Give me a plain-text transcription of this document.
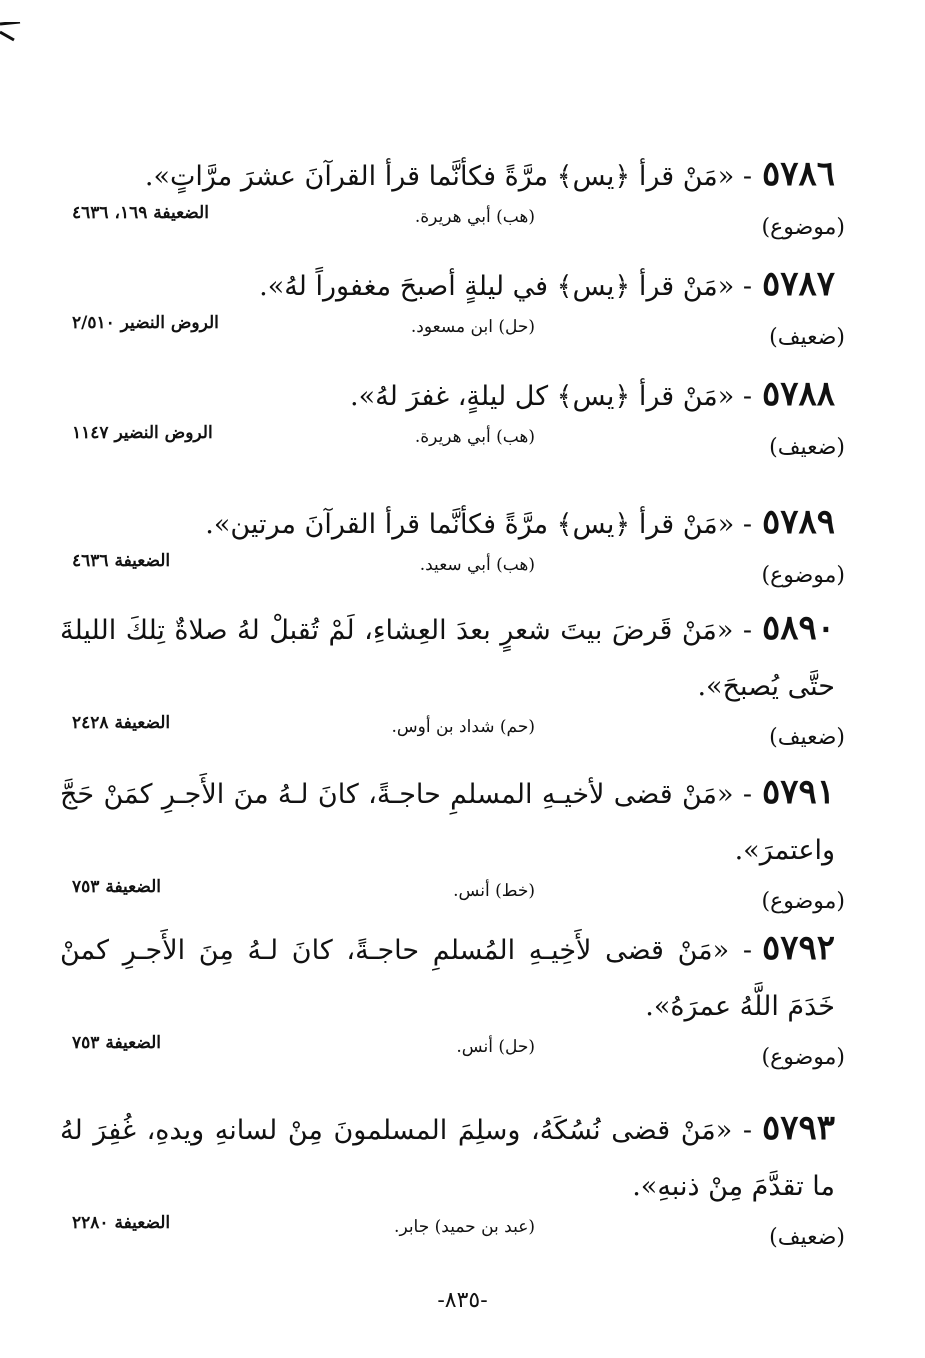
٥٧٨٦- «مَنْ قرأ ﴿يس﴾ مرَّةً فكأنَّما قرأ القرآنَ عشرَ مرَّاتٍ».

(موضوع)
(هب) أبي هريرة.
الضعيفة ١٦٩، ٤٦٣٦

٥٧٨٧- «مَنْ قرأ ﴿يس﴾ في ليلةٍ أصبحَ مغفوراً لهُ».

(ضعيف)
(حل) ابن مسعود.
الروض النضير ٢/٥١٠

٥٧٨٨- «مَنْ قرأ ﴿يس﴾ كل ليلةٍ، غفرَ لهُ».

(ضعيف)
(هب) أبي هريرة.
الروض النضير ١١٤٧

٥٧٨٩- «مَنْ قرأ ﴿يس﴾ مرَّةً فكأنَّما قرأ القرآنَ مرتين».

(موضوع)
(هب) أبي سعيد.
الضعيفة ٤٦٣٦

٥٨٩٠- «مَنْ قَرضَ بيتَ شعرٍ بعدَ العِشاءِ، لَمْ تُقبلْ لهُ صلاةٌ تِلكَ الليلةَ حتَّى يُصبحَ».

(ضعيف)
(حم) شداد بن أوس.
الضعيفة ٢٤٢٨

٥٧٩١- «مَنْ قضى لأخيـهِ المسلمِ حاجـةً، كانَ لـهُ منَ الأَجـرِ كمَنْ حَجَّ واعتمرَ».

(موضوع)
(خط) أنس.
الضعيفة ٧٥٣

٥٧٩٢- «مَنْ قضى لأَخِيـهِ المُسلمِ حاجـةً، كانَ لـهُ مِنَ الأَجـرِ كمنْ خَدَمَ اللَّهُ عمرَهُ».

(موضوع)
(حل) أنس.
الضعيفة ٧٥٣

٥٧٩٣- «مَنْ قضى نُسُكَهُ، وسلِمَ المسلمونَ مِنْ لسانهِ ويدهِ، غُفِرَ لهُ ما تقدَّمَ مِنْ ذنبهِ».

(ضعيف)
(عبد بن حميد) جابر.
الضعيفة ٢٢٨٠
-٨٣٥-
